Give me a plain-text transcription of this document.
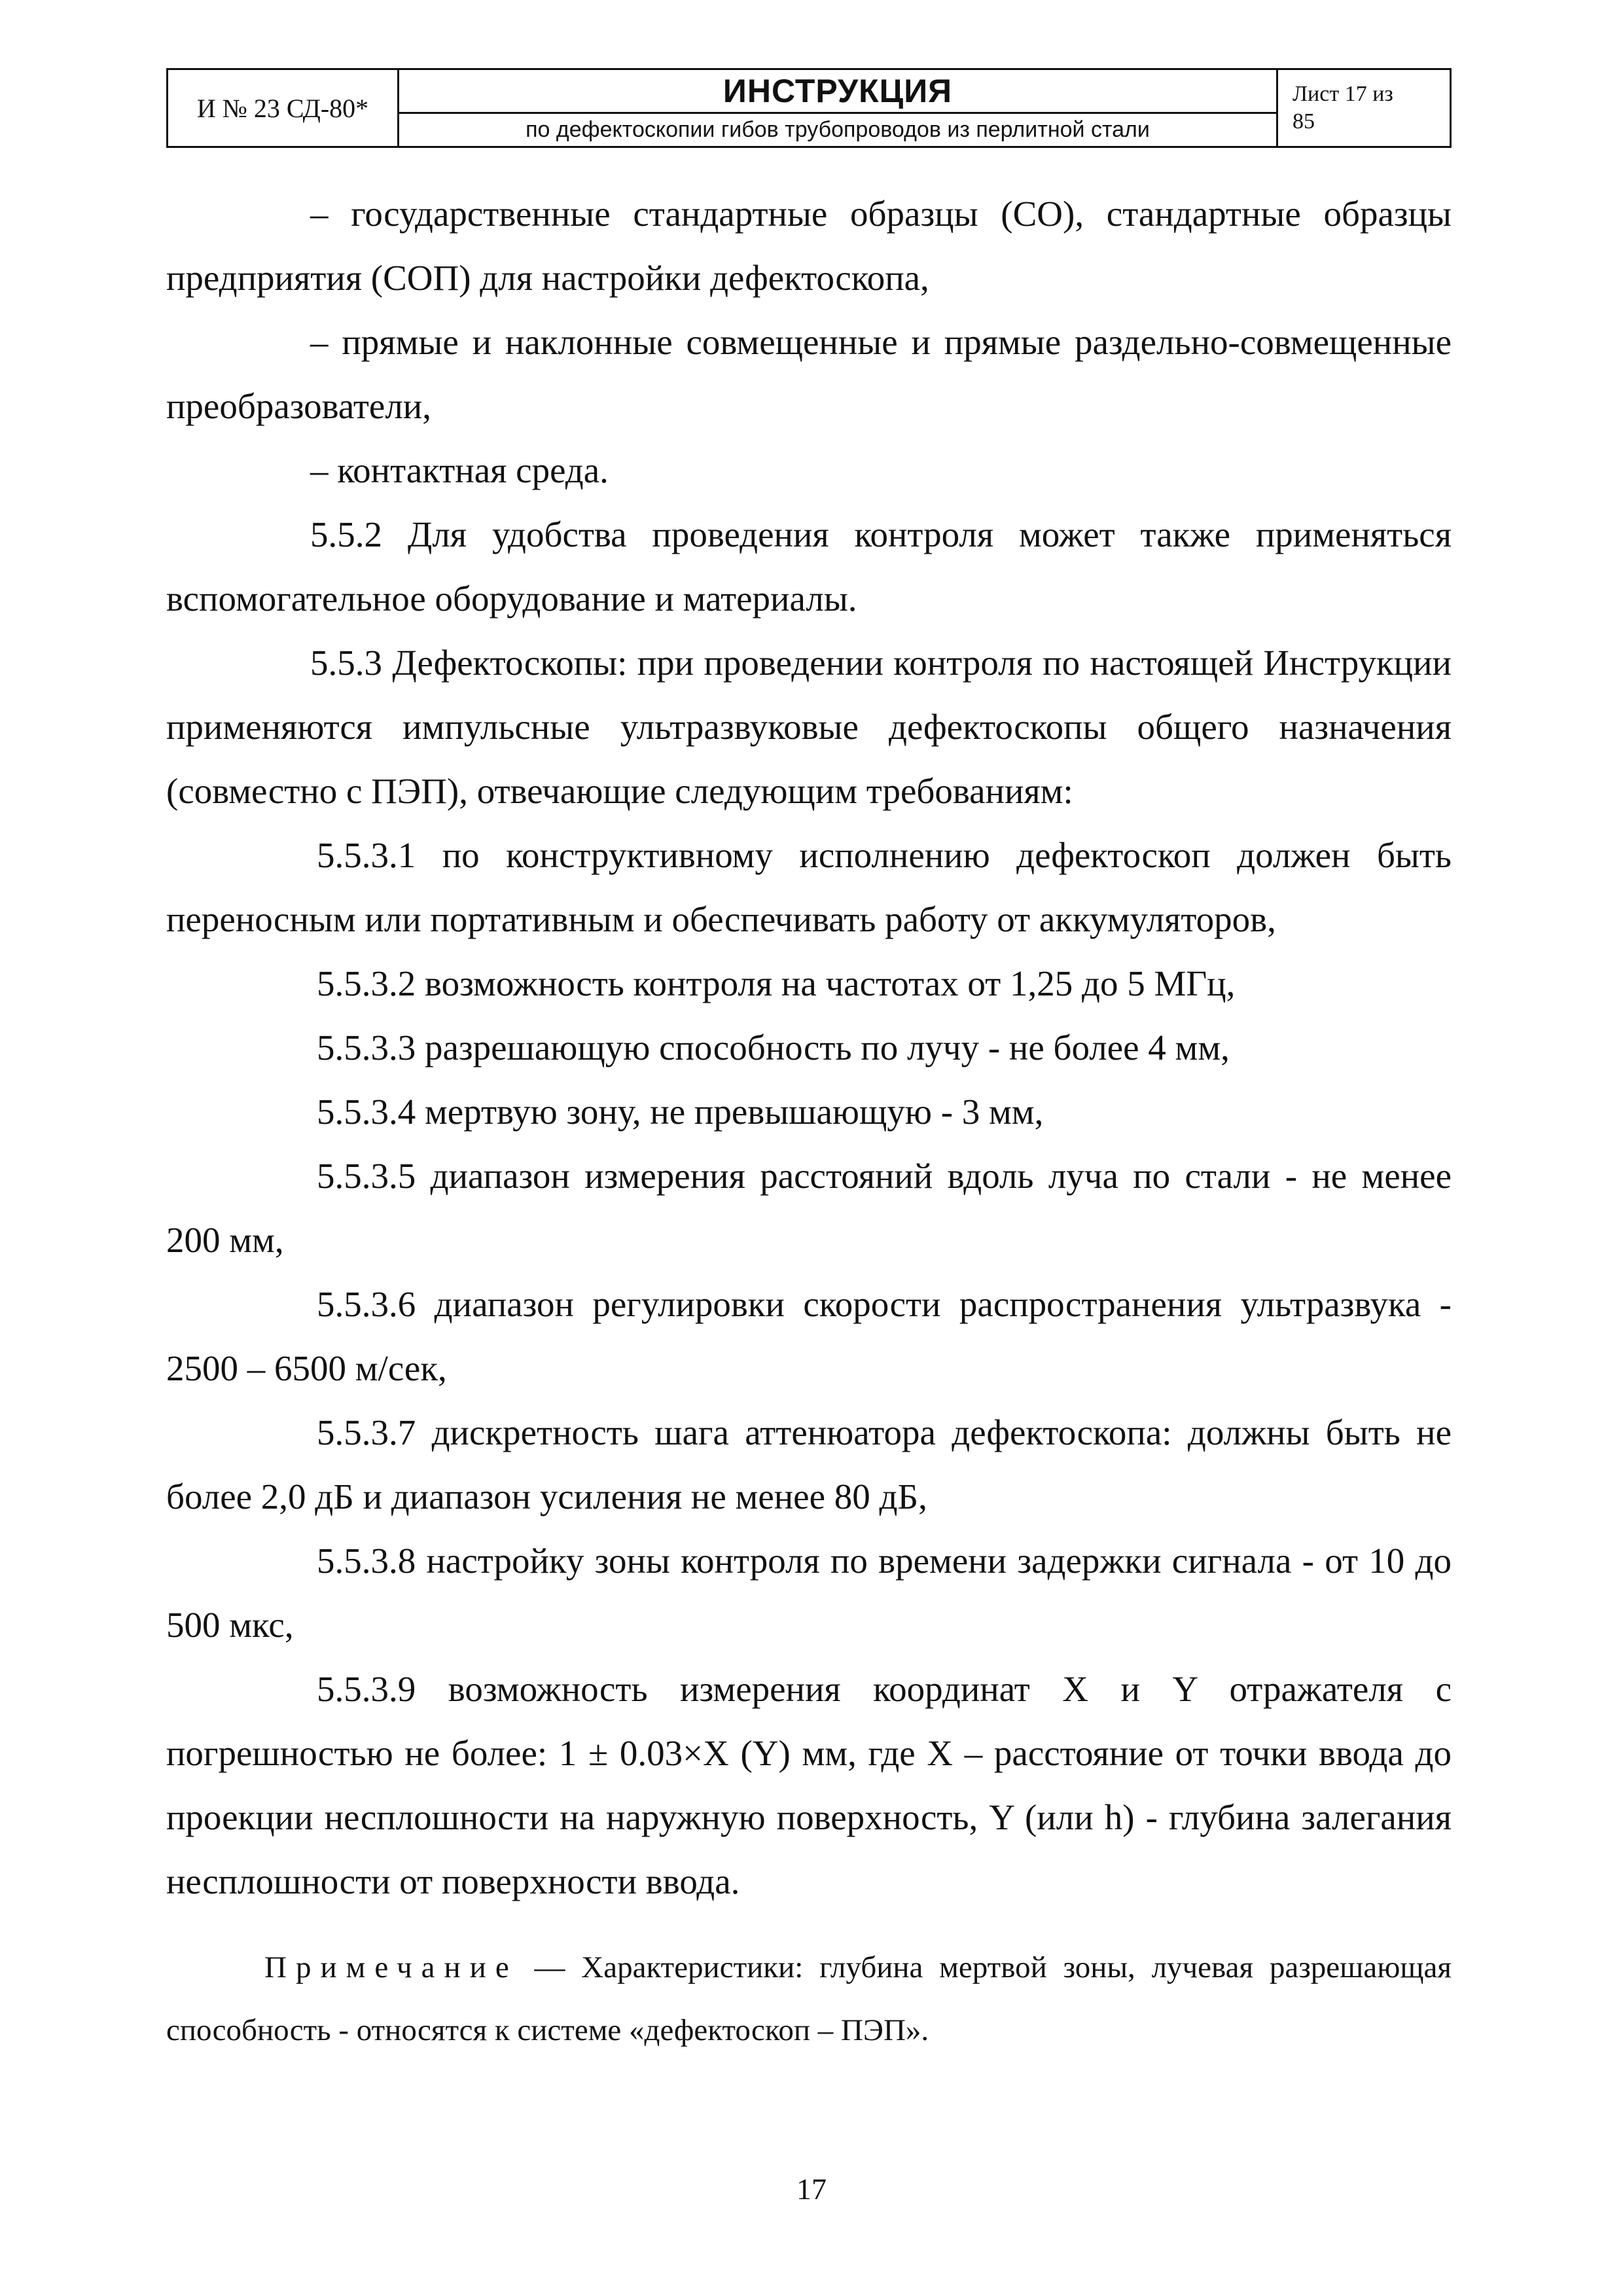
И № 23 СД-80*	ИНСТРУКЦИЯ
по дефектоскопии гибов трубопроводов из перлитной стали
Лист 17 из
85

– государственные стандартные образцы (СО), стандартные образцы предприятия (СОП) для настройки дефектоскопа,

– прямые и наклонные совмещенные и прямые раздельно-совмещенные преобразователи,

– контактная среда.

5.5.2 Для удобства проведения контроля может также применяться вспомогательное оборудование и материалы.

5.5.3 Дефектоскопы: при проведении контроля по настоящей Инструкции применяются импульсные ультразвуковые дефектоскопы общего назначения (совместно с ПЭП), отвечающие следующим требованиям:

5.5.3.1 по конструктивному исполнению дефектоскоп должен быть переносным или портативным и обеспечивать работу от аккумуляторов,

5.5.3.2 возможность контроля на частотах от 1,25 до 5 МГц,

5.5.3.3 разрешающую способность по лучу - не более 4 мм,

5.5.3.4 мертвую зону, не превышающую - 3 мм,

5.5.3.5 диапазон измерения расстояний вдоль луча по стали - не менее 200 мм,

5.5.3.6 диапазон регулировки скорости распространения ультразвука - 2500 – 6500 м/сек,

5.5.3.7 дискретность шага аттенюатора дефектоскопа: должны быть не более 2,0 дБ и диапазон усиления не менее 80 дБ,

5.5.3.8 настройку зоны контроля по времени задержки сигнала - от 10 до 500 мкс,

5.5.3.9 возможность измерения координат X и Y отражателя с погрешностью не более: 1 ± 0.03×X (Y) мм, где X – расстояние от точки ввода до проекции несплошности на наружную поверхность, Y (или h) - глубина залегания несплошности от поверхности ввода.

Примечание — Характеристики: глубина мертвой зоны, лучевая разрешающая способность - относятся к системе «дефектоскоп – ПЭП».
17
